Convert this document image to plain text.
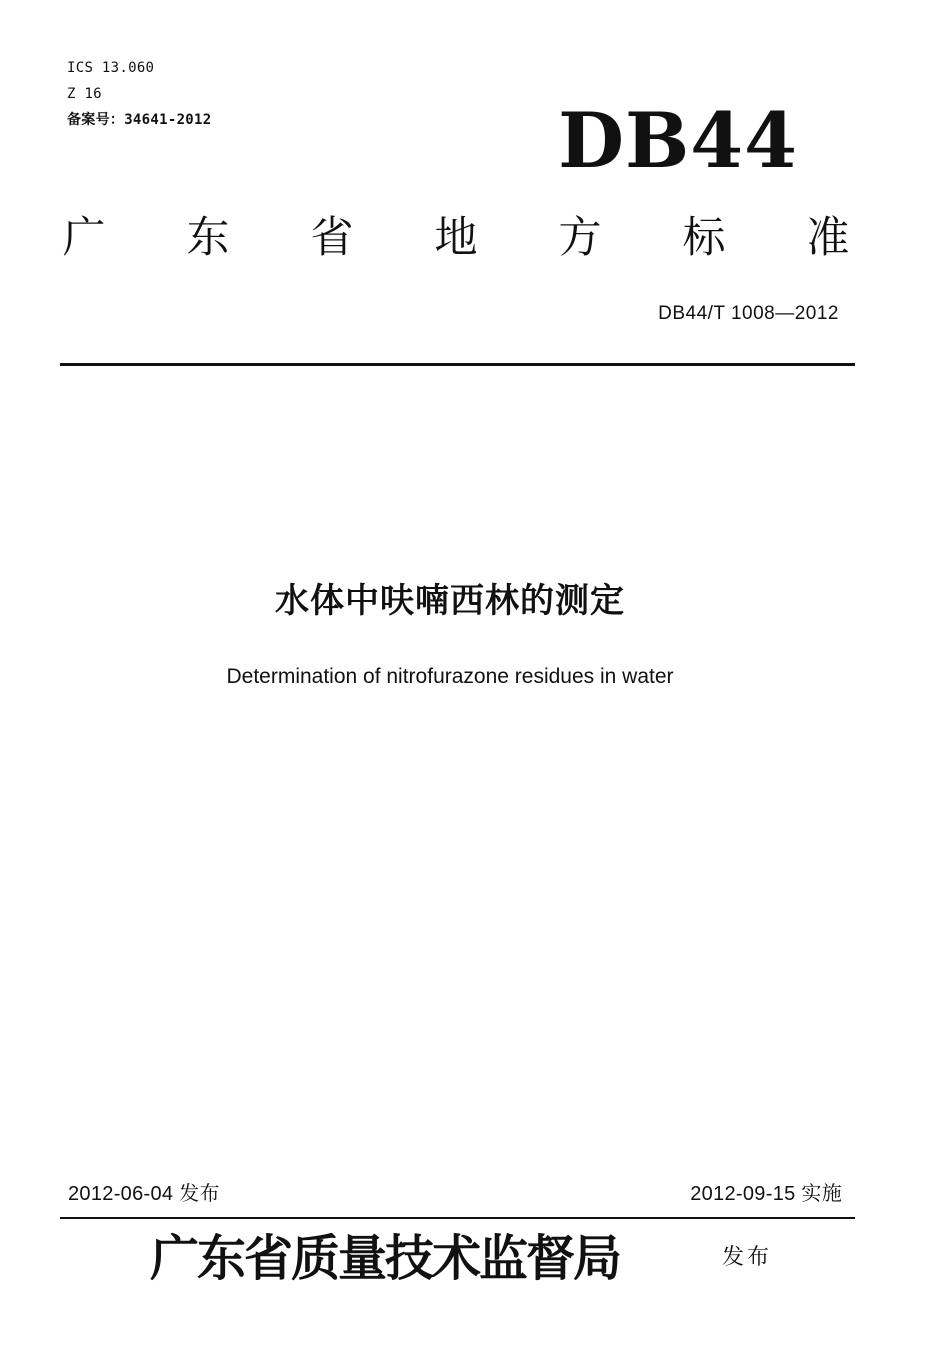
ICS 13.060
Z 16
备案号：34641-2012	DB44
广 东 省 地 方 标 准
DB44/T 1008—2012
水体中呋喃西林的测定
Determination of nitrofurazone residues in water
2012-06-04 发布	2012-09-15 实施
广东省质量技术监督局	发布
